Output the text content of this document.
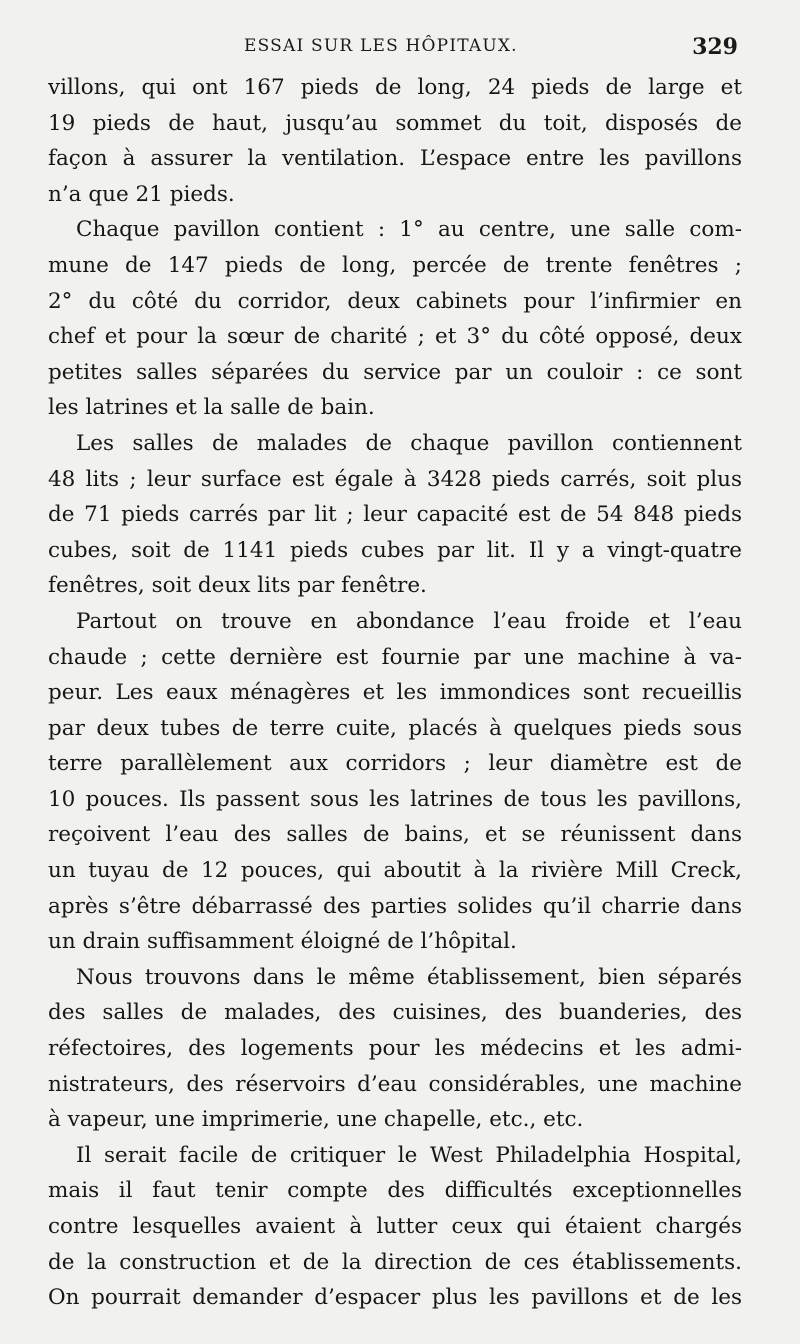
ESSAI SUR LES HÔPITAUX.	329
villons, qui ont 167 pieds de long, 24 pieds de large et
19 pieds de haut, jusqu’au sommet du toit, disposés de
façon à assurer la ventilation. L’espace entre les pavillons
n’a que 21 pieds.
Chaque pavillon contient : 1° au centre, une salle com-
mune de 147 pieds de long, percée de trente fenêtres ;
2° du côté du corridor, deux cabinets pour l’infirmier en
chef et pour la sœur de charité ; et 3° du côté opposé, deux
petites salles séparées du service par un couloir : ce sont
les latrines et la salle de bain.
Les salles de malades de chaque pavillon contiennent
48 lits ; leur surface est égale à 3428 pieds carrés, soit plus
de 71 pieds carrés par lit ; leur capacité est de 54 848 pieds
cubes, soit de 1141 pieds cubes par lit. Il y a vingt-quatre
fenêtres, soit deux lits par fenêtre.
Partout on trouve en abondance l’eau froide et l’eau
chaude ; cette dernière est fournie par une machine à va-
peur. Les eaux ménagères et les immondices sont recueillis
par deux tubes de terre cuite, placés à quelques pieds sous
terre parallèlement aux corridors ; leur diamètre est de
10 pouces. Ils passent sous les latrines de tous les pavillons,
reçoivent l’eau des salles de bains, et se réunissent dans
un tuyau de 12 pouces, qui aboutit à la rivière Mill Creck,
après s’être débarrassé des parties solides qu’il charrie dans
un drain suffisamment éloigné de l’hôpital.
Nous trouvons dans le même établissement, bien séparés
des salles de malades, des cuisines, des buanderies, des
réfectoires, des logements pour les médecins et les admi-
nistrateurs, des réservoirs d’eau considérables, une machine
à vapeur, une imprimerie, une chapelle, etc., etc.
Il serait facile de critiquer le West Philadelphia Hospital,
mais il faut tenir compte des difficultés exceptionnelles
contre lesquelles avaient à lutter ceux qui étaient chargés
de la construction et de la direction de ces établissements.
On pourrait demander d’espacer plus les pavillons et de les
